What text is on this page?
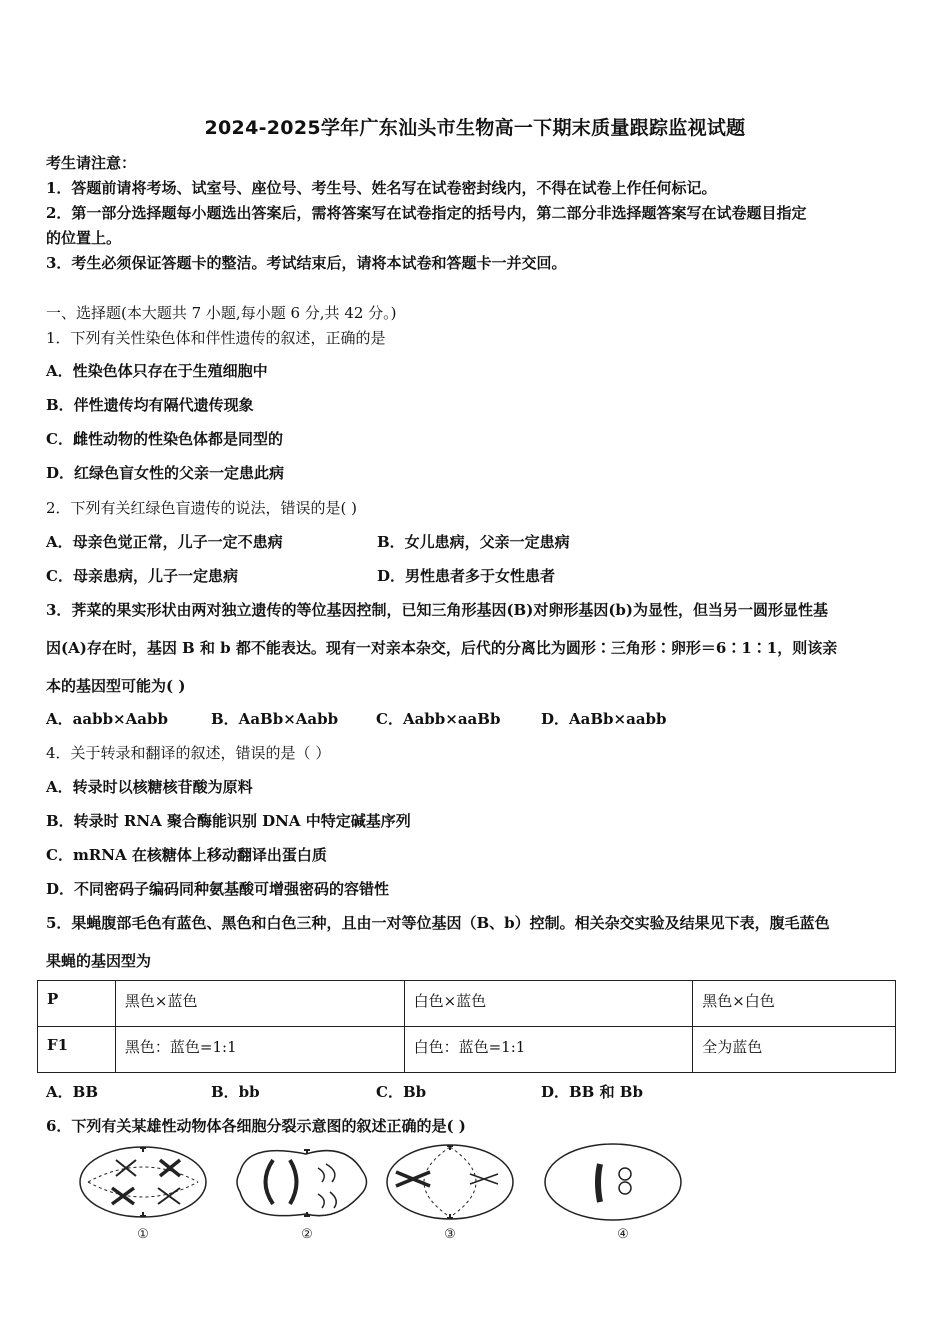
2024-2025学年广东汕头市生物高一下期末质量跟踪监视试题
考生请注意：
1．答题前请将考场、试室号、座位号、考生号、姓名写在试卷密封线内，不得在试卷上作任何标记。
2．第一部分选择题每小题选出答案后，需将答案写在试卷指定的括号内，第二部分非选择题答案写在试卷题目指定
的位置上。
3．考生必须保证答题卡的整洁。考试结束后，请将本试卷和答题卡一并交回。
一、选择题(本大题共 7 小题,每小题 6 分,共 42 分。)
1．下列有关性染色体和伴性遗传的叙述，正确的是
A．性染色体只存在于生殖细胞中
B．伴性遗传均有隔代遗传现象
C．雌性动物的性染色体都是同型的
D．红绿色盲女性的父亲一定患此病
2．下列有关红绿色盲遗传的说法，错误的是( )
A．母亲色觉正常，儿子一定不患病	B．女儿患病，父亲一定患病
C．母亲患病，儿子一定患病	D．男性患者多于女性患者
3．荠菜的果实形状由两对独立遗传的等位基因控制，已知三角形基因(B)对卵形基因(b)为显性，但当另一圆形显性基
因(A)存在时，基因 B 和 b 都不能表达。现有一对亲本杂交，后代的分离比为圆形∶三角形∶卵形＝6∶1∶1，则该亲
本的基因型可能为( )
A．aabb×Aabb	B．AaBb×Aabb	C．Aabb×aaBb	D．AaBb×aabb
4．关于转录和翻译的叙述，错误的是（ ）
A．转录时以核糖核苷酸为原料
B．转录时 RNA 聚合酶能识别 DNA 中特定碱基序列
C．mRNA 在核糖体上移动翻译出蛋白质
D．不同密码子编码同种氨基酸可增强密码的容错性
5．果蝇腹部毛色有蓝色、黑色和白色三种，且由一对等位基因（B、b）控制。相关杂交实验及结果见下表，腹毛蓝色
果蝇的基因型为
P	黑色×蓝色	白色×蓝色	黑色×白色
F1	黑色：蓝色=1:1	白色：蓝色=1:1	全为蓝色
A．BB	B．bb	C．Bb	D．BB 和 Bb
6．下列有关某雄性动物体各细胞分裂示意图的叙述正确的是( )
①	②	③	④
